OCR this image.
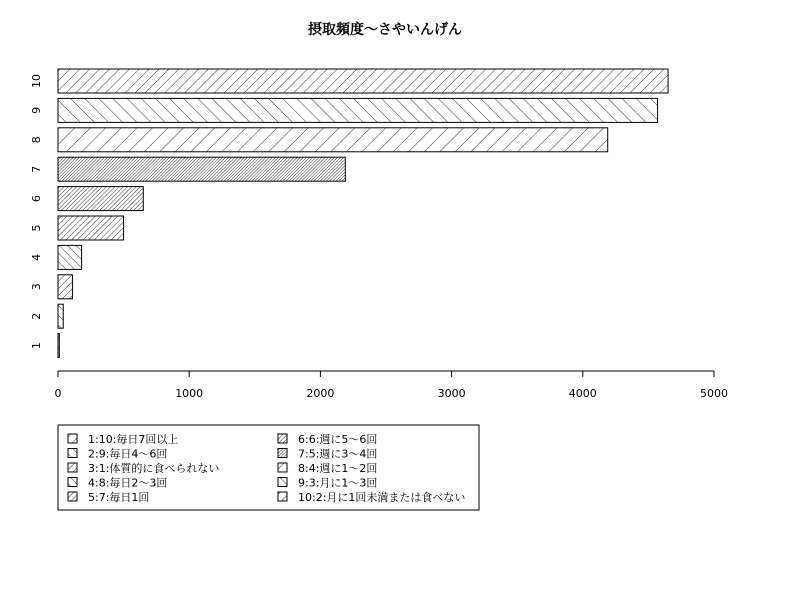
摂取頻度〜さやいんげん
1
2
3
4
5
6
7
8
9
10
0	1000	2000	3000	4000	5000
1:10:毎日7回以上
2:9:毎日4〜6回
3:1:体質的に食べられない
4:8:毎日2〜3回
5:7:毎日1回
6:6:週に5〜6回
7:5:週に3〜4回
8:4:週に1〜2回
9:3:月に1〜3回
10:2:月に1回未満または食べない
